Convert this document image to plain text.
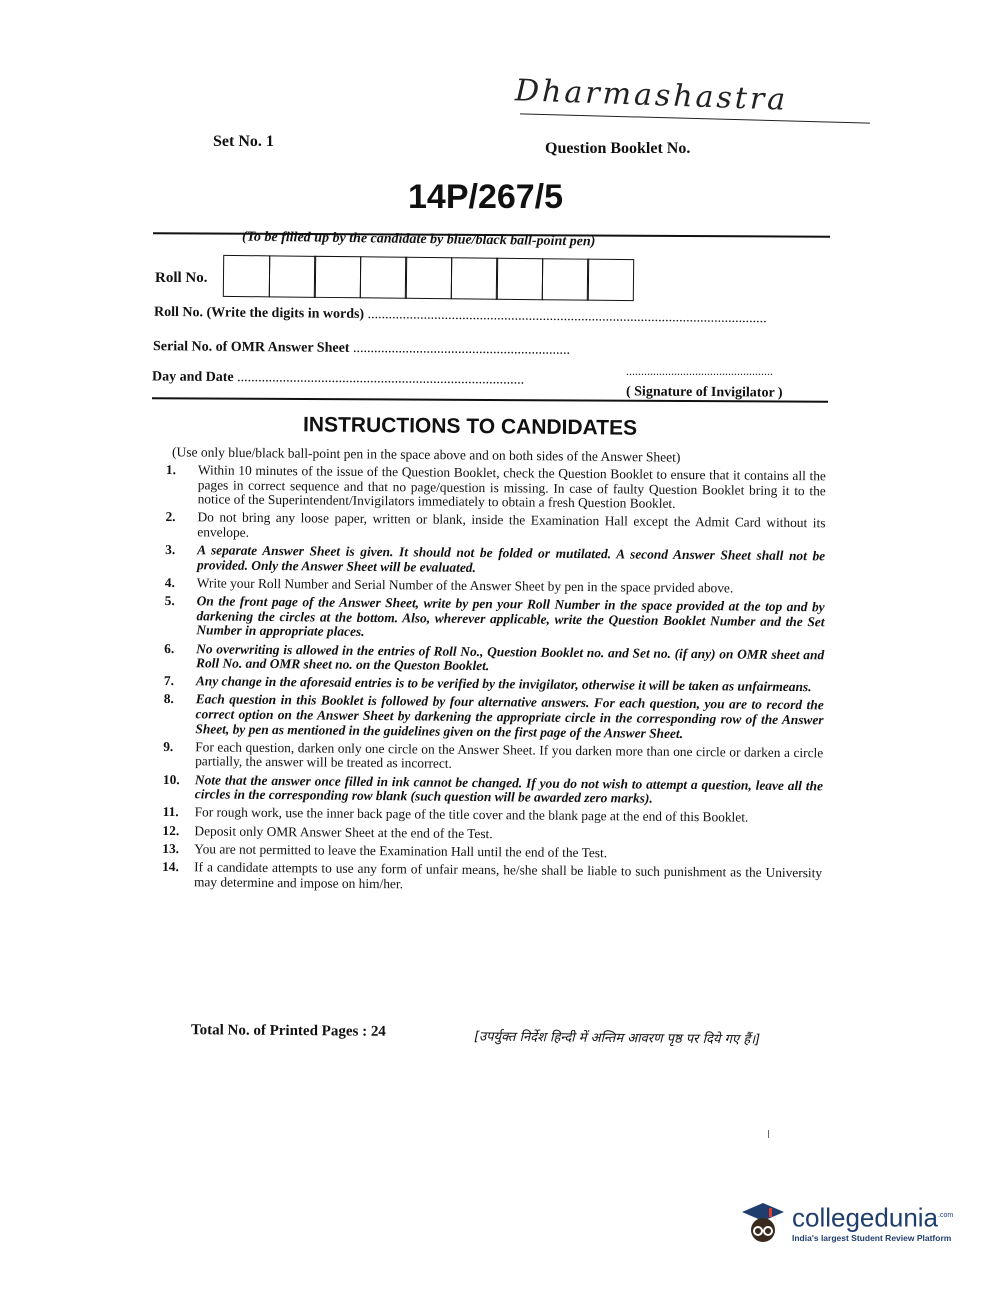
Dharmashastra
Set No. 1	Question Booklet No.
14P/267/5
(To be filled up by the candidate by blue/black ball-point pen)
Roll No.
Roll No. (Write the digits in words) ..................................................................................................................
Serial No. of OMR Answer Sheet ..............................................................
Day and Date ..................................................................................	.................................................
( Signature of Invigilator )
INSTRUCTIONS TO CANDIDATES
(Use only blue/black ball-point pen in the space above and on both sides of the Answer Sheet)
1.	Within 10 minutes of the issue of the Question Booklet, check the Question Booklet to ensure that it contains all the pages in correct sequence and that no page/question is missing. In case of faulty Question Booklet bring it to the notice of the Superintendent/Invigilators immediately to obtain a fresh Question Booklet.
2.	Do not bring any loose paper, written or blank, inside the Examination Hall except the Admit Card without its envelope.
3.	A separate Answer Sheet is given. It should not be folded or mutilated. A second Answer Sheet shall not be provided. Only the Answer Sheet will be evaluated.
4.	Write your Roll Number and Serial Number of the Answer Sheet by pen in the space prvided above.
5.	On the front page of the Answer Sheet, write by pen your Roll Number in the space provided at the top and by darkening the circles at the bottom. Also, wherever applicable, write the Question Booklet Number and the Set Number in appropriate places.
6.	No overwriting is allowed in the entries of Roll No., Question Booklet no. and Set no. (if any) on OMR sheet and Roll No. and OMR sheet no. on the Queston Booklet.
7.	Any change in the aforesaid entries is to be verified by the invigilator, otherwise it will be taken as unfairmeans.
8.	Each question in this Booklet is followed by four alternative answers. For each question, you are to record the correct option on the Answer Sheet by darkening the appropriate circle in the corresponding row of the Answer Sheet, by pen as mentioned in the guidelines given on the first page of the Answer Sheet.
9.	For each question, darken only one circle on the Answer Sheet. If you darken more than one circle or darken a circle partially, the answer will be treated as incorrect.
10.	Note that the answer once filled in ink cannot be changed. If you do not wish to attempt a question, leave all the circles in the corresponding row blank (such question will be awarded zero marks).
11.	For rough work, use the inner back page of the title cover and the blank page at the end of this Booklet.
12.	Deposit only OMR Answer Sheet at the end of the Test.
13.	You are not permitted to leave the Examination Hall until the end of the Test.
14.	If a candidate attempts to use any form of unfair means, he/she shall be liable to such punishment as the University may determine and impose on him/her.
Total No. of Printed Pages : 24	[उपर्युक्त निर्देश हिन्दी में अन्तिम आवरण पृष्ठ पर दिये गए हैं।]
collegedunia$^{.com}$
India's largest Student Review Platform
